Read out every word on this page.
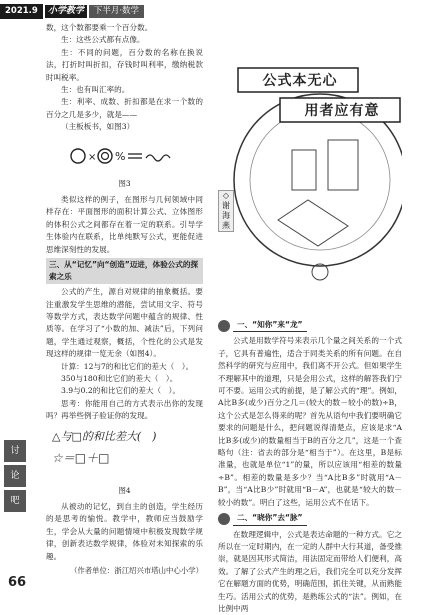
2021.9	小学教学	下半月·数学

数，这个数都要乘一个百分数。

生：这些公式都有点像。

生：不同的问题，百分数的名称在换说法，打折时叫折扣，存钱时叫利率，缴纳税款时叫税率。

生：也有叫汇率的。

生：利率、成数、折扣都是在求一个数的百分之几是多少，就是——

（主板板书，如图3）

× %
图3

类似这样的例子，在图形与几何领域中同样存在：平面图形的面积计算公式、立体图形的体积公式之间都存在着一定的联系。引导学生体验内在联系，比单纯默写公式，更能促进思维深刻性的发展。

三、从“记忆”向“创造”迈进，体验公式的探索之乐

公式的产生，源自对规律的抽象概括。要注重激发学生思维的潜能，尝试用文字、符号等数学方式，表达数学问题中蕴含的规律、性质等。在学习了“小数的加、减法”后，下列问题，学生通过观察，概括，个性化的公式是发现这样的规律一览无余（如图4）。

计算：12与7的和比它们的差大（　）。

350与180和比它们的差大（　）。

3.9与0.2的和比它们的差大（　）。

思考：你能用自己的方式表示出你的发现吗？再举些例子验证你的发现。

△与□的和比差大(　)
☆＝□＋□
图4

从被动的记忆，到自主的创造，学生经历的是思考的愉悦。教学中，教师应当鼓励学生，学会从大量的问题情境中积极发现数学规律，创新表达数学规律，体验对未知探索的乐趣。

（作者单位：浙江绍兴市塔山中心小学）
公式本无心
用者应有意
◇谢海燕
一、“知你”来“龙”

公式是用数学符号来表示几个量之间关系的一个式子，它具有普遍性，适合于同类关系的所有问题。在自然科学的研究与应用中，我们离不开公式。但如果学生不理解其中的道理，只是会用公式，这样的解答我们宁可不要。运用公式的前提，是了解公式的“理”。例如，A比B多(或少)百分之几＝(较大的数－较小的数)÷B，这个公式是怎么得来的呢？首先从语句中我们要明确它要求的问题是什么，把问题说得清楚点，应该是求“A比B多(或少)的数量相当于B的百分之几”，这是一个查略句（注：省去的部分是“相当于”）。在这里，B是标准量，也就是单位“1”的量，所以应该用“相差的数量÷B”。相差的数量是多少？当“A比B多”时就用“A－B”，当“A比B少”时就用“B－A”，也就是“较大的数－较小的数”。明白了这些，运用公式不在话下。

二、“晓你”去“脉”

在数理逻辑中，公式是表达命题的一种方式。它之所以在一定时期内，在一定的人群中大行其道，备受推崇，就是因其形式简洁，用法固定而带给人们便利，高效。了解了公式产生的理之后，我们完全可以充分发挥它在解题方面的优势，明确范围，抓住关键，从而熟能生巧。活用公式的优势，是熟练公式的“法”。例如，在比例中两

讨
论
吧
66
